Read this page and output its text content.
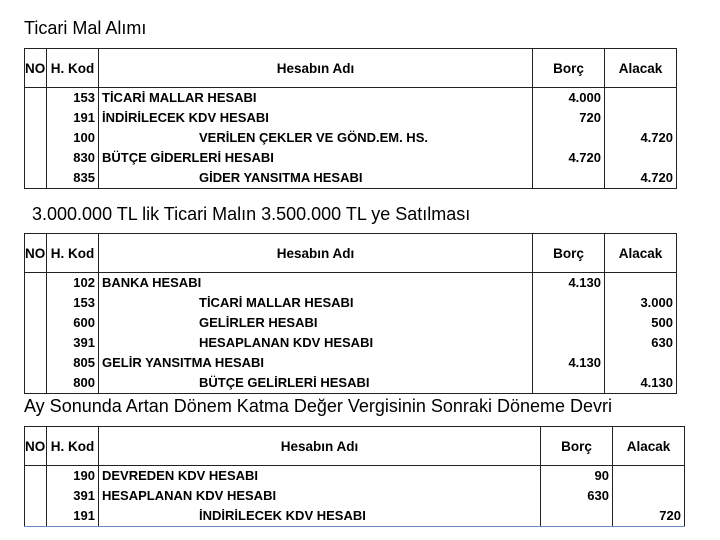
Ticari Mal Alımı
NO	H. Kod	Hesabın Adı	Borç	Alacak
	153	TİCARİ MALLAR HESABI	4.000	
	191	İNDİRİLECEK KDV HESABI	720	
	100	VERİLEN ÇEKLER VE GÖND.EM. HS.		4.720
	830	BÜTÇE GİDERLERİ HESABI	4.720	
	835	GİDER YANSITMA HESABI		4.720
3.000.000 TL lik Ticari Malın 3.500.000 TL ye Satılması
NO	H. Kod	Hesabın Adı	Borç	Alacak
	102	BANKA HESABI	4.130	
	153	TİCARİ MALLAR HESABI		3.000
	600	GELİRLER HESABI		500
	391	HESAPLANAN KDV HESABI		630
	805	GELİR YANSITMA HESABI	4.130	
	800	BÜTÇE GELİRLERİ HESABI		4.130
Ay Sonunda Artan Dönem Katma Değer Vergisinin Sonraki Döneme Devri
NO	H. Kod	Hesabın Adı	Borç	Alacak
	190	DEVREDEN KDV HESABI	90	
	391	HESAPLANAN KDV HESABI	630	
	191	İNDİRİLECEK KDV HESABI		720
